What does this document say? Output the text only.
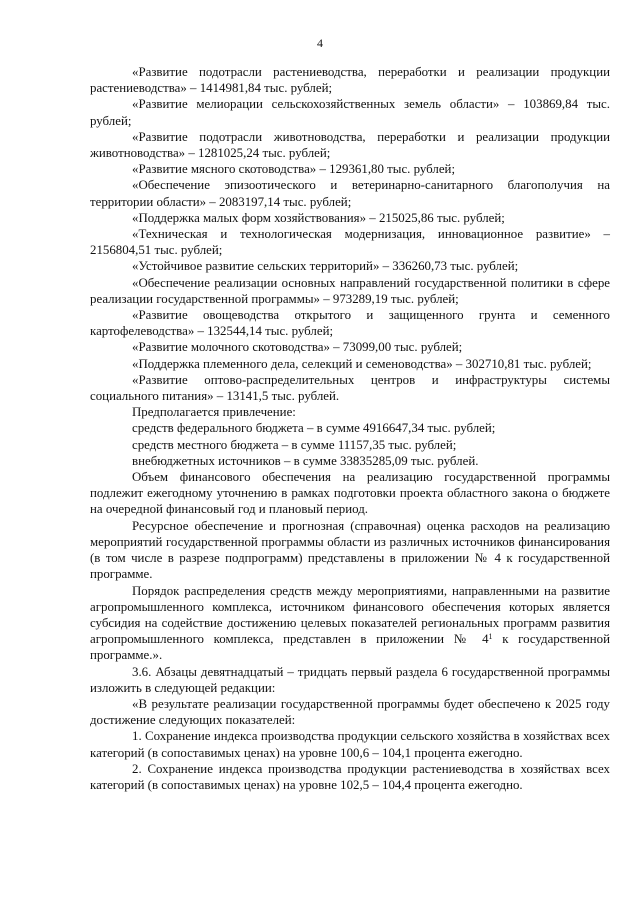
4

«Развитие подотрасли растениеводства, переработки и реализации продукции растениеводства» – 1414981,84 тыс. рублей;

«Развитие мелиорации сельскохозяйственных земель области» – 103869,84 тыс. рублей;

«Развитие подотрасли животноводства, переработки и реализации продукции животноводства» – 1281025,24 тыс. рублей;

«Развитие мясного скотоводства» – 129361,80 тыс. рублей;

«Обеспечение эпизоотического и ветеринарно-санитарного благополучия на территории области» – 2083197,14 тыс. рублей;

«Поддержка малых форм хозяйствования» – 215025,86 тыс. рублей;

«Техническая и технологическая модернизация, инновационное развитие» – 2156804,51 тыс. рублей;

«Устойчивое развитие сельских территорий» – 336260,73 тыс. рублей;

«Обеспечение реализации основных направлений государственной политики в сфере реализации государственной программы» – 973289,19 тыс. рублей;

«Развитие овощеводства открытого и защищенного грунта и семенного картофелеводства» – 132544,14 тыс. рублей;

«Развитие молочного скотоводства» – 73099,00 тыс. рублей;

«Поддержка племенного дела, селекций и семеноводства» – 302710,81 тыс. рублей;

«Развитие оптово-распределительных центров и инфраструктуры системы социального питания» – 13141,5 тыс. рублей.

Предполагается привлечение:

средств федерального бюджета – в сумме 4916647,34 тыс. рублей;

средств местного бюджета – в сумме 11157,35 тыс. рублей;

внебюджетных источников – в сумме 33835285,09 тыс. рублей.

Объем финансового обеспечения на реализацию государственной программы подлежит ежегодному уточнению в рамках подготовки проекта областного закона о бюджете на очередной финансовый год и плановый период.

Ресурсное обеспечение и прогнозная (справочная) оценка расходов на реализацию мероприятий государственной программы области из различных источников финансирования (в том числе в разрезе подпрограмм) представлены в приложении № 4 к государственной программе.

Порядок распределения средств между мероприятиями, направленными на развитие агропромышленного комплекса, источником финансового обеспечения которых является субсидия на содействие достижению целевых показателей региональных программ развития агропромышленного комплекса, представлен в приложении № $4^1$ к государственной программе.».

3.6. Абзацы девятнадцатый – тридцать первый раздела 6 государственной программы изложить в следующей редакции:

«В результате реализации государственной программы будет обеспечено к 2025 году достижение следующих показателей:

1. Сохранение индекса производства продукции сельского хозяйства в хозяйствах всех категорий (в сопоставимых ценах) на уровне 100,6 – 104,1 процента ежегодно.

2. Сохранение индекса производства продукции растениеводства в хозяйствах всех категорий (в сопоставимых ценах) на уровне 102,5 – 104,4 процента ежегодно.
